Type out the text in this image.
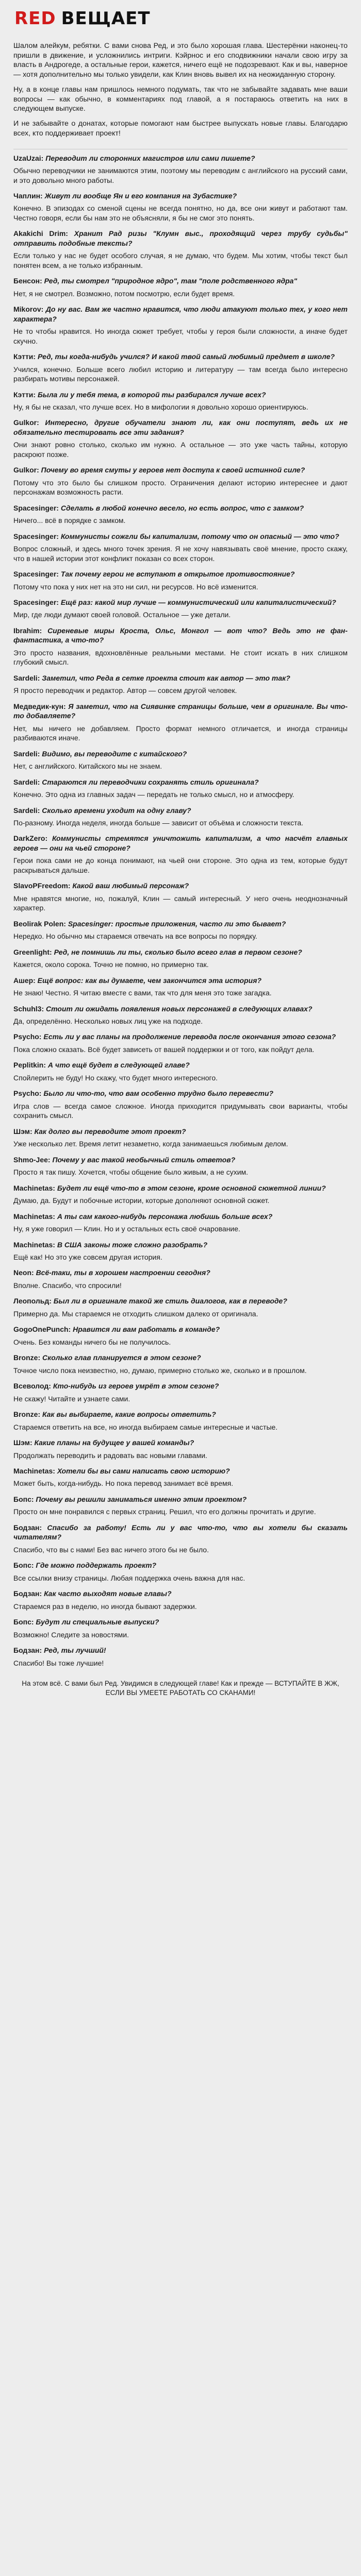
RED ВЕЩАЕТ

Шалом алейкум, ребятки. С вами снова Ред, и это было хорошая глава. Шестерёнки наконец-то пришли в движение, и усложнились интриги. Кэйрнос и его сподвижники начали свою игру за власть в Андрогеде, а остальные герои, кажется, ничего ещё не подозревают. Как и вы, наверное — хотя дополнительно мы только увидели, как Клин вновь вывел их на неожиданную сторону.

Ну, а в конце главы нам пришлось немного подумать, так что не забывайте задавать мне ваши вопросы — как обычно, в комментариях под главой, а я постараюсь ответить на них в следующем выпуске.

И не забывайте о донатах, которые помогают нам быстрее выпускать новые главы. Благодарю всех, кто поддерживает проект!

UzaUzai: Переводит ли сторонних магистров или сами пишете?

Обычно переводчики не занимаются этим, поэтому мы переводим с английского на русский сами, и это довольно много работы.

Чаплин: Живут ли вообще Ян и его компания на Зубастике?

Конечно. В эпизодах со сменой сцены не всегда понятно, но да, все они живут и работают там. Честно говоря, если бы нам это не объясняли, я бы не смог это понять.

Akakichi Drim: Хранит Рад ризы "Клумн выс., проходящий через трубу судьбы" отправить подобные тексты?

Если только у нас не будет особого случая, я не думаю, что будем. Мы хотим, чтобы текст был понятен всем, а не только избранным.

Бенсон: Ред, ты смотрел "природное ядро", там "поле родственного ядра"

Нет, я не смотрел. Возможно, потом посмотрю, если будет время.

Mikorov: До ну вас. Вам же частно нравится, что люди атакуют только тех, у кого нет характера?

Не то чтобы нравится. Но иногда сюжет требует, чтобы у героя были сложности, а иначе будет скучно.

Кэтти: Ред, ты когда-нибудь учился? И какой твой самый любимый предмет в школе?

Учился, конечно. Больше всего любил историю и литературу — там всегда было интересно разбирать мотивы персонажей.

Кэтти: Была ли у тебя тема, в которой ты разбирался лучше всех?

Ну, я бы не сказал, что лучше всех. Но в мифологии я довольно хорошо ориентируюсь.

Gulkor: Интересно, другие обучатели знают ли, как они поступят, ведь их не обязательно тестировать все эти задания?

Они знают ровно столько, сколько им нужно. А остальное — это уже часть тайны, которую раскроют позже.

Gulkor: Почему во время смуты у героев нет доступа к своей истинной силе?

Потому что это было бы слишком просто. Ограничения делают историю интереснее и дают персонажам возможность расти.

Spacesinger: Сделать в любой конечно весело, но есть вопрос, что с замком?

Ничего... всё в порядке с замком.

Spacesinger: Коммунисты сожгли бы капитализм, потому что он опасный — это что?

Вопрос сложный, и здесь много точек зрения. Я не хочу навязывать своё мнение, просто скажу, что в нашей истории этот конфликт показан со всех сторон.

Spacesinger: Так почему герои не вступают в открытое противостояние?

Потому что пока у них нет на это ни сил, ни ресурсов. Но всё изменится.

Spacesinger: Ещё раз: какой мир лучше — коммунистический или капиталистический?

Мир, где люди думают своей головой. Остальное — уже детали.

Ibrahim: Сиреневые миры Кроста, Ольс, Монгол — вот что? Ведь это не фан-фантастика, а что-то?

Это просто названия, вдохновлённые реальными местами. Не стоит искать в них слишком глубокий смысл.

Sardeli: Заметил, что Реда в сетке проекта стоит как автор — это так?

Я просто переводчик и редактор. Автор — совсем другой человек.

Медведик-кун: Я заметил, что на Сиявинке страницы больше, чем в оригинале. Вы что-то добавляете?

Нет, мы ничего не добавляем. Просто формат немного отличается, и иногда страницы разбиваются иначе.

Sardeli: Видимо, вы переводите с китайского?

Нет, с английского. Китайского мы не знаем.

Sardeli: Стараются ли переводчики сохранять стиль оригинала?

Конечно. Это одна из главных задач — передать не только смысл, но и атмосферу.

Sardeli: Сколько времени уходит на одну главу?

По-разному. Иногда неделя, иногда больше — зависит от объёма и сложности текста.

DarkZero: Коммунисты стремятся уничтожить капитализм, а что насчёт главных героев — они на чьей стороне?

Герои пока сами не до конца понимают, на чьей они стороне. Это одна из тем, которые будут раскрываться дальше.

SlavoPFreedom: Какой ваш любимый персонаж?

Мне нравятся многие, но, пожалуй, Клин — самый интересный. У него очень неоднозначный характер.

Beolirak Polen: Spacesinger: простые приложения, часто ли это бывает?

Нередко. Но обычно мы стараемся отвечать на все вопросы по порядку.

Greenlight: Ред, не помнишь ли ты, сколько было всего глав в первом сезоне?

Кажется, около сорока. Точно не помню, но примерно так.

Ашер: Ещё вопрос: как вы думаете, чем закончится эта история?

Не знаю! Честно. Я читаю вместе с вами, так что для меня это тоже загадка.

Schuhl3: Стоит ли ожидать появления новых персонажей в следующих главах?

Да, определённо. Несколько новых лиц уже на подходе.

Psycho: Есть ли у вас планы на продолжение перевода после окончания этого сезона?

Пока сложно сказать. Всё будет зависеть от вашей поддержки и от того, как пойдут дела.

Peplitkin: А что ещё будет в следующей главе?

Спойлерить не буду! Но скажу, что будет много интересного.

Psycho: Было ли что-то, что вам особенно трудно было перевести?

Игра слов — всегда самое сложное. Иногда приходится придумывать свои варианты, чтобы сохранить смысл.

Шэм: Как долго вы переводите этот проект?

Уже несколько лет. Время летит незаметно, когда занимаешься любимым делом.

Shmo-Jee: Почему у вас такой необычный стиль ответов?

Просто я так пишу. Хочется, чтобы общение было живым, а не сухим.

Machinetas: Будет ли ещё что-то в этом сезоне, кроме основной сюжетной линии?

Думаю, да. Будут и побочные истории, которые дополняют основной сюжет.

Machinetas: А ты сам какого-нибудь персонажа любишь больше всех?

Ну, я уже говорил — Клин. Но и у остальных есть своё очарование.

Machinetas: В США законы тоже сложно разобрать?

Ещё как! Но это уже совсем другая история.

Neon: Всё-таки, ты в хорошем настроении сегодня?

Вполне. Спасибо, что спросили!

Леопольд: Был ли в оригинале такой же стиль диалогов, как в переводе?

Примерно да. Мы стараемся не отходить слишком далеко от оригинала.

GogoOnePunch: Нравится ли вам работать в команде?

Очень. Без команды ничего бы не получилось.

Bronze: Сколько глав планируется в этом сезоне?

Точное число пока неизвестно, но, думаю, примерно столько же, сколько и в прошлом.

Всеволод: Кто-нибудь из героев умрёт в этом сезоне?

Не скажу! Читайте и узнаете сами.

Bronze: Как вы выбираете, какие вопросы ответить?

Стараемся ответить на все, но иногда выбираем самые интересные и частые.

Шэм: Какие планы на будущее у вашей команды?

Продолжать переводить и радовать вас новыми главами.

Machinetas: Хотели бы вы сами написать свою историю?

Может быть, когда-нибудь. Но пока перевод занимает всё время.

Бопс: Почему вы решили заниматься именно этим проектом?

Просто он мне понравился с первых страниц. Решил, что его должны прочитать и другие.

Бодзан: Спасибо за работу! Есть ли у вас что-то, что вы хотели бы сказать читателям?

Спасибо, что вы с нами! Без вас ничего этого бы не было.

Бопс: Где можно поддержать проект?

Все ссылки внизу страницы. Любая поддержка очень важна для нас.

Бодзан: Как часто выходят новые главы?

Стараемся раз в неделю, но иногда бывают задержки.

Бопс: Будут ли специальные выпуски?

Возможно! Следите за новостями.

Бодзан: Ред, ты лучший!

Спасибо! Вы тоже лучшие!

На этом всё. С вами был Ред. Увидимся в следующей главе! Как и прежде — ВСТУПАЙТЕ В ЖЖ, ЕСЛИ ВЫ УМЕЕТЕ РАБОТАТЬ СО СКАНАМИ!
